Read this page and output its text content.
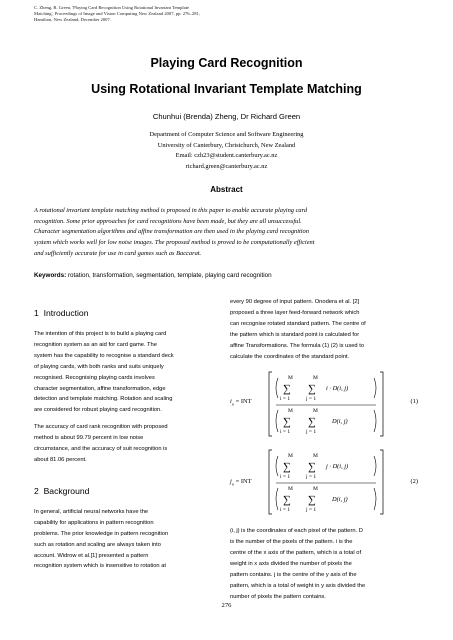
C. Zheng, R. Green, 'Playing Card Recognition Using Rotational Invariant Template
Matching', Proceedings of Image and Vision Computing New Zealand 2007, pp. 276–281,
Hamilton, New Zealand, December 2007.
Playing Card Recognition
Using Rotational Invariant Template Matching
Chunhui (Brenda) Zheng, Dr Richard Green
Department of Computer Science and Software Engineering
University of Canterbury, Christchurch, New Zealand
Email: czh23@student.canterbury.ac.nz
richard.green@canterbury.ac.nz
Abstract
A rotational invariant template matching method is proposed in this paper to enable accurate playing card
recognition. Some prior approaches for card recognitions have been made, but they are all unsuccessful.
Character segmentation algorithms and affine transformation are then used in the playing card recognition
system which works well for low noise images. The proposed method is proved to be computationally efficient
and sufficiently accurate for use in card games such as Baccarat.
Keywords: rotation, transformation, segmentation, template, playing card recognition

1 Introduction

The intention of this project is to build a playing card
recognition system as an aid for card game. The
system has the capability to recognise a standard deck
of playing cards, with both ranks and suits uniquely
recognised. Recognising playing cards involves
character segmentation, affine transformation, edge
detection and template matching. Rotation and scaling
are considered for robust playing card recognition.
The accuracy of card rank recognition with proposed
method is about 99.79 percent in low noise
circumstance, and the accuracy of suit recognition is
about 81.06 percent.

2 Background

In general, artificial neural networks have the
capability for applications in pattern recognition
problems. The prior knowledge in pattern recognition
such as rotation and scaling are always taken into
account. Widrow et al.[1] presented a pattern
recognition system which is insensitive to rotation at
every 90 degree of input pattern. Onodera et al. [2]
proposed a three layer feed-forward network which
can recognise rotated standard pattern. The centre of
the pattern which is standard point is calculated for
affine Transformations. The formula (1) (2) is used to
calculate the coordinates of the standard point.
$i_o$ = INT
∑
M
i = 1
∑
M
j = 1
i · D(i, j)
∑
M
i = 1
∑
M
j = 1
D(i, j)
(1)
$j_o$ = INT
∑
M
i = 1
∑
M
j = 1
j · D(i, j)
∑
M
i = 1
∑
M
j = 1
D(i, j)
(2)
(i, j) is the coordinates of each pixel of the pattern. D
is the number of the pixels of the pattern. i is the
centre of the x axis of the pattern, which is a total of
weight in x axis divided the number of pixels the
pattern contains. j is the centre of the y axis of the
pattern, which is a total of weight in y axis divided the
number of pixels the pattern contains.
276
